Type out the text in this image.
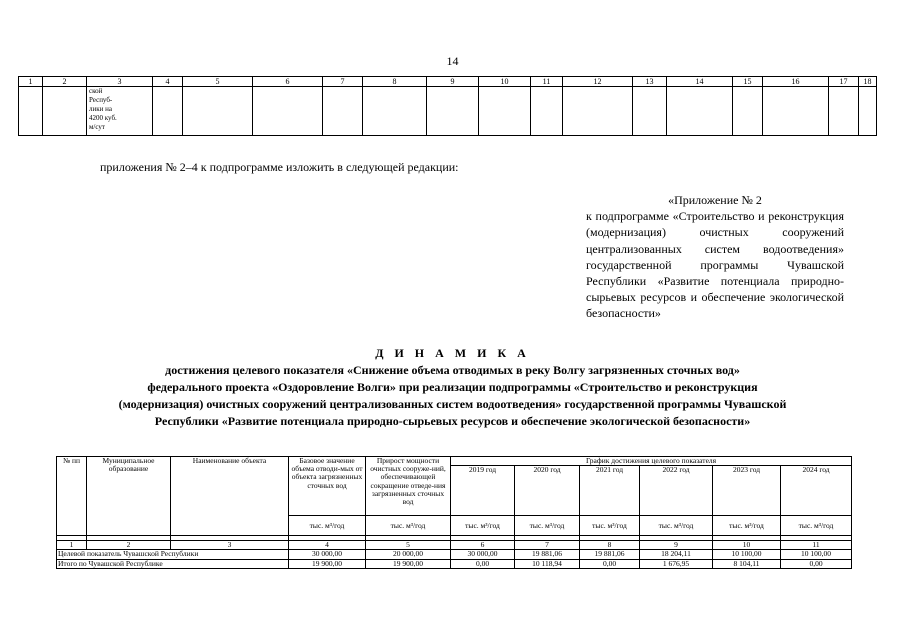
14
1	2	3	4	5	6	7	8	9	10	11	12	13	14	15	16	17	18

		ской
Респуб-
лики на
4200 куб.
м/сут															

приложения № 2–4 к подпрограмме изложить в следующей редакции:
«Приложение № 2
к подпрограмме «Строительство и реконструкция (модернизация) очистных сооружений централизованных систем водоотведения» государственной программы Чувашской Республики «Развитие потенциала природно-сырьевых ресурсов и обеспечение экологической безопасности»
Д И Н А М И К А
достижения целевого показателя «Снижение объема отводимых в реку Волгу загрязненных сточных вод»
федерального проекта «Оздоровление Волги» при реализации подпрограммы «Строительство и реконструкция
(модернизация) очистных сооружений централизованных систем водоотведения» государственной программы Чувашской
Республики «Развитие потенциала природно-сырьевых ресурсов и обеспечение экологической безопасности»
№ пп	Муниципальное образование	Наименование объекта	Базовое значение объема отводи-мых от объекта загрязненных сточных вод	Прирост мощности очистных сооруже-ний, обеспечивающей сокращение отведе-ния загрязненных сточных вод	График достижения целевого показателя					
					2019 год	2020 год	2021 год	2022 год	2023 год	2024 год
			тыс. м³/год	тыс. м³/год	тыс. м³/год	тыс. м³/год	тыс. м³/год	тыс. м³/год	тыс. м³/год	тыс. м³/год

1	2	3	4	5	6	7	8	9	10	11
Целевой показатель Чувашской Республики			30 000,00	20 000,00	30 000,00	19 881,06	19 881,06	18 204,11	10 100,00	10 100,00
Итого по Чувашской Республике			19 900,00	19 900,00	0,00	10 118,94	0,00	1 676,95	8 104,11	0,00
